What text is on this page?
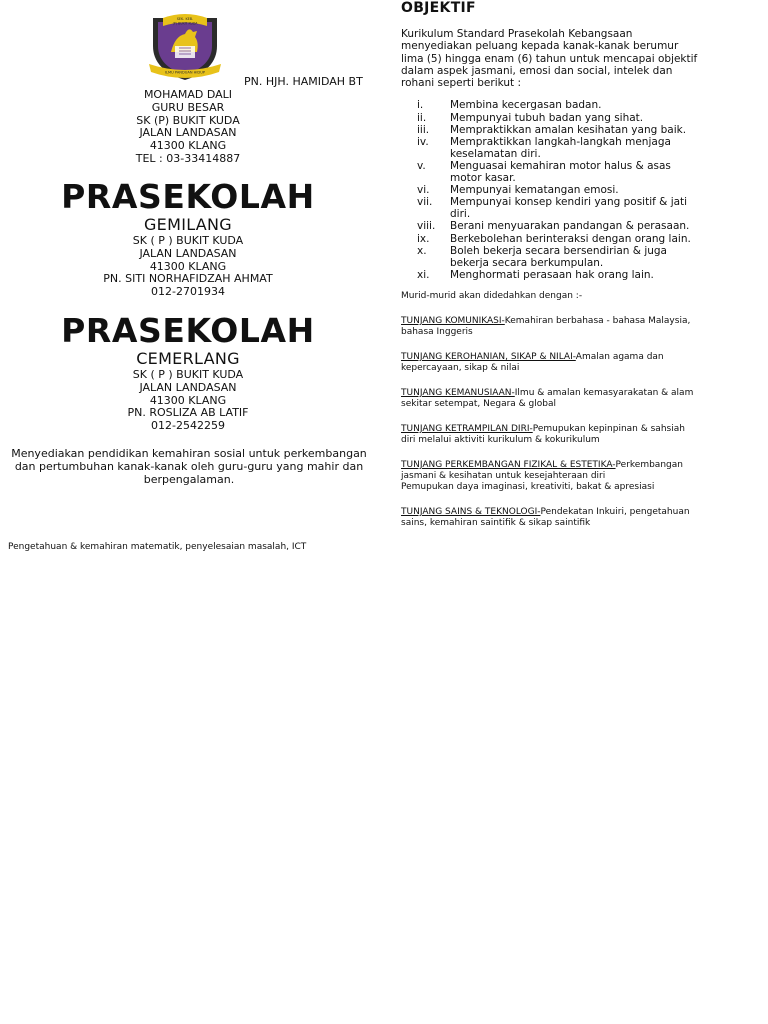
SEK. KEB.
(P) BUKIT KUDA
ILMU PANDUAN HIDUP
PN. HJH. HAMIDAH BT
MOHAMAD DALI
GURU BESAR
SK (P) BUKIT KUDA
JALAN LANDASAN
41300 KLANG
TEL : 03-33414887
PRASEKOLAH
GEMILANG
SK ( P ) BUKIT KUDA
JALAN LANDASAN
41300 KLANG
PN. SITI NORHAFIDZAH AHMAT
012-2701934
PRASEKOLAH
CEMERLANG
SK ( P ) BUKIT KUDA
JALAN LANDASAN
41300 KLANG
PN. ROSLIZA AB LATIF
012-2542259
Menyediakan pendidikan kemahiran sosial untuk perkembangan dan pertumbuhan kanak-kanak oleh guru-guru yang mahir dan berpengalaman.
Pengetahuan & kemahiran matematik, penyelesaian masalah, ICT
OBJEKTIF

Kurikulum Standard Prasekolah Kebangsaan menyediakan peluang kepada kanak-kanak berumur lima (5) hingga enam (6) tahun untuk mencapai objektif dalam aspek jasmani, emosi dan social, intelek dan rohani seperti berikut :

i.	Membina kecergasan badan.
ii. Mempunyai tubuh badan yang sihat.
iii. Mempraktikkan amalan kesihatan yang baik.
iv. Mempraktikkan langkah-langkah menjaga keselamatan diri.
v. Menguasai kemahiran motor halus & asas motor kasar.
vi. Mempunyai kematangan emosi.
vii. Mempunyai konsep kendiri yang positif & jati diri.
viii. Berani menyuarakan pandangan & perasaan.
ix. Berkebolehan berinteraksi dengan orang lain.
x. Boleh bekerja secara bersendirian & juga bekerja secara berkumpulan.
xi. Menghormati perasaan hak orang lain.

Murid-murid akan didedahkan dengan :-

TUNJANG KOMUNIKASI-Kemahiran berbahasa - bahasa Malaysia, bahasa Inggeris

TUNJANG KEROHANIAN, SIKAP & NILAI-Amalan agama dan kepercayaan, sikap & nilai

TUNJANG KEMANUSIAAN-Ilmu & amalan kemasyarakatan & alam sekitar setempat, Negara & global

TUNJANG KETRAMPILAN DIRI-Pemupukan kepinpinan & sahsiah diri melalui aktiviti kurikulum & kokurikulum

TUNJANG PERKEMBANGAN FIZIKAL & ESTETIKA-Perkembangan jasmani & kesihatan untuk kesejahteraan diri
Pemupukan daya imaginasi, kreativiti, bakat & apresiasi

TUNJANG SAINS & TEKNOLOGI-Pendekatan Inkuiri, pengetahuan sains, kemahiran saintifik & sikap saintifik
